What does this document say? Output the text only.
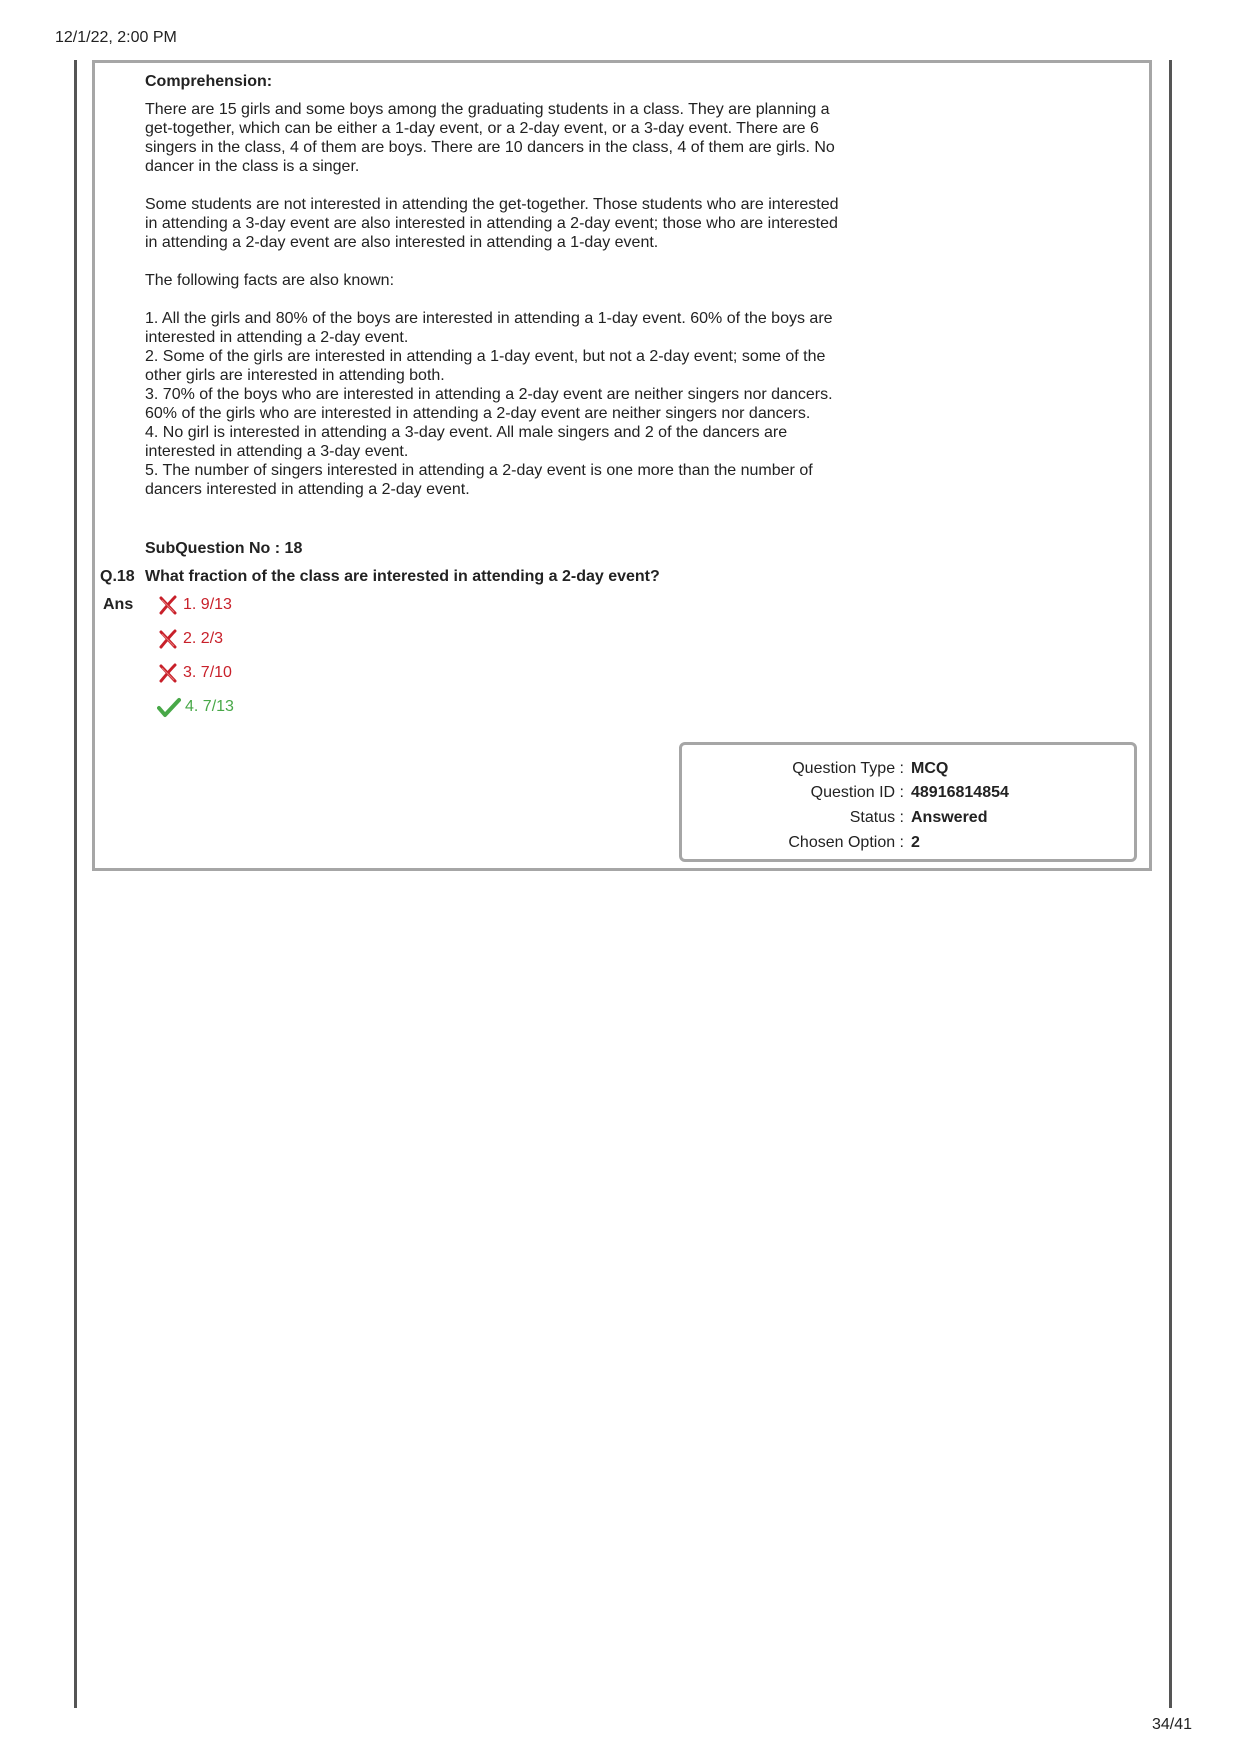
12/1/22, 2:00 PM
Comprehension:

There are 15 girls and some boys among the graduating students in a class. They are planning a get-together, which can be either a 1-day event, or a 2-day event, or a 3-day event. There are 6 singers in the class, 4 of them are boys. There are 10 dancers in the class, 4 of them are girls. No dancer in the class is a singer.

Some students are not interested in attending the get-together. Those students who are interested in attending a 3-day event are also interested in attending a 2-day event; those who are interested in attending a 2-day event are also interested in attending a 1-day event.

The following facts are also known:

1. All the girls and 80% of the boys are interested in attending a 1-day event. 60% of the boys are interested in attending a 2-day event.

2. Some of the girls are interested in attending a 1-day event, but not a 2-day event; some of the other girls are interested in attending both.

3. 70% of the boys who are interested in attending a 2-day event are neither singers nor dancers. 60% of the girls who are interested in attending a 2-day event are neither singers nor dancers.

4. No girl is interested in attending a 3-day event. All male singers and 2 of the dancers are interested in attending a 3-day event.

5. The number of singers interested in attending a 2-day event is one more than the number of dancers interested in attending a 2-day event.

SubQuestion No : 18
Q.18 What fraction of the class are interested in attending a 2-day event?
Ans	1. 9/13
2. 2/3
3. 7/10
4. 7/13
Question Type : MCQ
Question ID : 48916814854
Status : Answered
Chosen Option : 2
34/41
